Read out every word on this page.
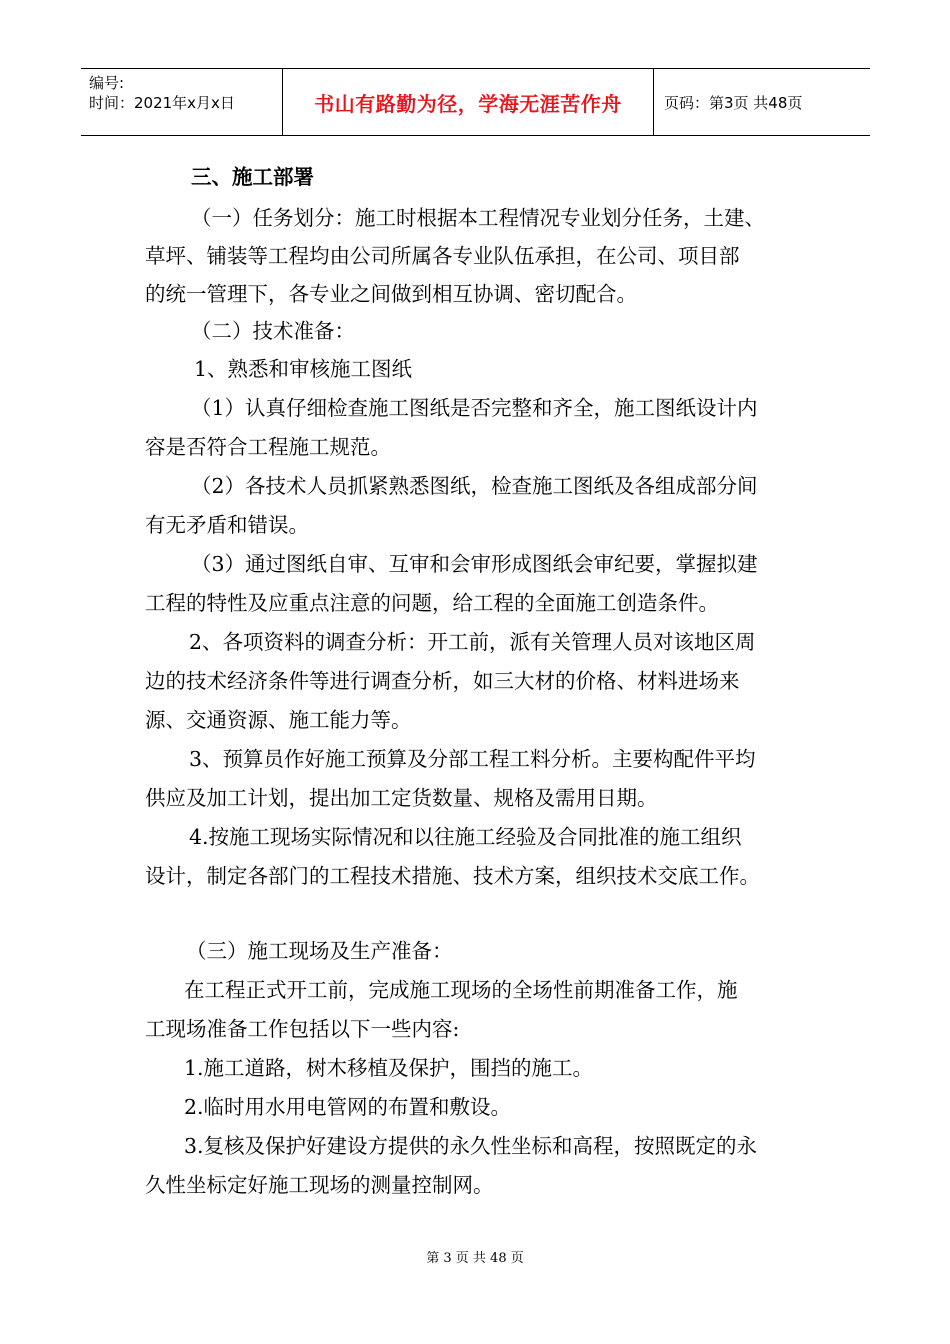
编号:
时间：2021年x月x日	书山有路勤为径，学海无涯苦作舟	页码：第3页 共48页
三、施工部署
（一）任务划分：施工时根据本工程情况专业划分任务，土建、
草坪、铺装等工程均由公司所属各专业队伍承担，在公司、项目部
的统一管理下，各专业之间做到相互协调、密切配合。
（二）技术准备：
1、熟悉和审核施工图纸
（1）认真仔细检查施工图纸是否完整和齐全，施工图纸设计内
容是否符合工程施工规范。
（2）各技术人员抓紧熟悉图纸，检查施工图纸及各组成部分间
有无矛盾和错误。
（3）通过图纸自审、互审和会审形成图纸会审纪要，掌握拟建
工程的特性及应重点注意的问题，给工程的全面施工创造条件。
2、各项资料的调查分析：开工前，派有关管理人员对该地区周
边的技术经济条件等进行调查分析，如三大材的价格、材料进场来
源、交通资源、施工能力等。
3、预算员作好施工预算及分部工程工料分析。主要构配件平均
供应及加工计划，提出加工定货数量、规格及需用日期。
4.按施工现场实际情况和以往施工经验及合同批准的施工组织
设计，制定各部门的工程技术措施、技术方案，组织技术交底工作。
（三）施工现场及生产准备：
在工程正式开工前，完成施工现场的全场性前期准备工作，施
工现场准备工作包括以下一些内容:
1.施工道路，树木移植及保护，围挡的施工。
2.临时用水用电管网的布置和敷设。
3.复核及保护好建设方提供的永久性坐标和高程，按照既定的永
久性坐标定好施工现场的测量控制网。
第 3 页 共 48 页
